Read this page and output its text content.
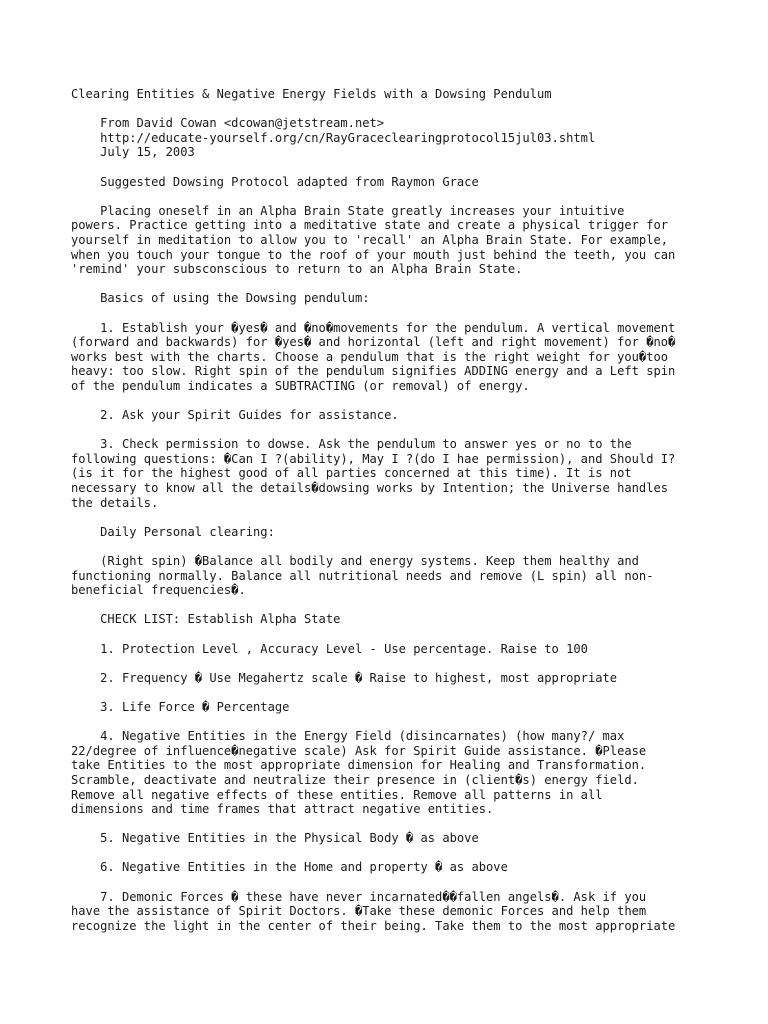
Clearing Entities & Negative Energy Fields with a Dowsing Pendulum
From David Cowan <dcowan@jetstream.net>
http://educate-yourself.org/cn/RayGraceclearingprotocol15jul03.shtml
July 15, 2003
Suggested Dowsing Protocol adapted from Raymon Grace
Placing oneself in an Alpha Brain State greatly increases your intuitive
powers. Practice getting into a meditative state and create a physical trigger for
yourself in meditation to allow you to 'recall' an Alpha Brain State. For example,
when you touch your tongue to the roof of your mouth just behind the teeth, you can
'remind' your subsconscious to return to an Alpha Brain State.
Basics of using the Dowsing pendulum:
1. Establish your �yes� and �no�movements for the pendulum. A vertical movement
(forward and backwards) for �yes� and horizontal (left and right movement) for �no�
works best with the charts. Choose a pendulum that is the right weight for you�too
heavy: too slow. Right spin of the pendulum signifies ADDING energy and a Left spin
of the pendulum indicates a SUBTRACTING (or removal) of energy.
2. Ask your Spirit Guides for assistance.
3. Check permission to dowse. Ask the pendulum to answer yes or no to the
following questions: �Can I ?(ability), May I ?(do I hae permission), and Should I?
(is it for the highest good of all parties concerned at this time). It is not
necessary to know all the details�dowsing works by Intention; the Universe handles
the details.
Daily Personal clearing:
(Right spin) �Balance all bodily and energy systems. Keep them healthy and
functioning normally. Balance all nutritional needs and remove (L spin) all non-
beneficial frequencies�.
CHECK LIST: Establish Alpha State
1. Protection Level , Accuracy Level - Use percentage. Raise to 100
2. Frequency � Use Megahertz scale � Raise to highest, most appropriate
3. Life Force � Percentage
4. Negative Entities in the Energy Field (disincarnates) (how many?/ max
22/degree of influence�negative scale) Ask for Spirit Guide assistance. �Please
take Entities to the most appropriate dimension for Healing and Transformation.
Scramble, deactivate and neutralize their presence in (client�s) energy field.
Remove all negative effects of these entities. Remove all patterns in all
dimensions and time frames that attract negative entities.
5. Negative Entities in the Physical Body � as above
6. Negative Entities in the Home and property � as above
7. Demonic Forces � these have never incarnated��fallen angels�. Ask if you
have the assistance of Spirit Doctors. �Take these demonic Forces and help them
recognize the light in the center of their being. Take them to the most appropriate
